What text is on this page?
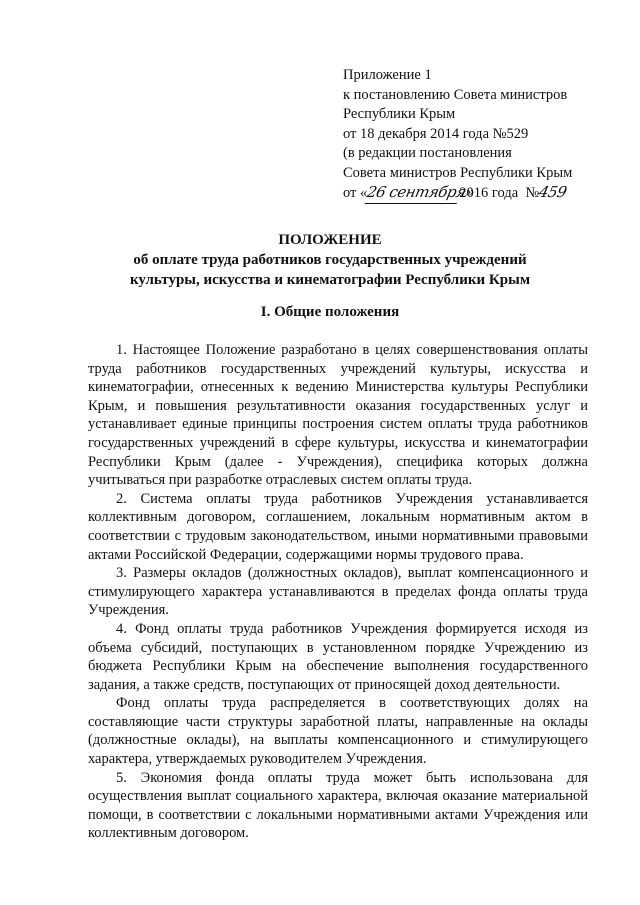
Приложение 1
к постановлению Совета министров
Республики Крым
от 18 декабря 2014 года №529
(в редакции постановления
Совета министров Республики Крым
от «26 сентября»2016 года №459
ПОЛОЖЕНИЕ
об оплате труда работников государственных учреждений
культуры, искусства и кинематографии Республики Крым
I. Общие положения

1. Настоящее Положение разработано в целях совершенствования оплаты труда работников государственных учреждений культуры, искусства и кинематографии, отнесенных к ведению Министерства культуры Республики Крым, и повышения результативности оказания государственных услуг и устанавливает единые принципы построения систем оплаты труда работников государственных учреждений в сфере культуры, искусства и кинематографии Республики Крым (далее - Учреждения), специфика которых должна учитываться при разработке отраслевых систем оплаты труда.

2. Система оплаты труда работников Учреждения устанавливается коллективным договором, соглашением, локальным нормативным актом в соответствии с трудовым законодательством, иными нормативными правовыми актами Российской Федерации, содержащими нормы трудового права.

3. Размеры окладов (должностных окладов), выплат компенсационного и стимулирующего характера устанавливаются в пределах фонда оплаты труда Учреждения.

4. Фонд оплаты труда работников Учреждения формируется исходя из объема субсидий, поступающих в установленном порядке Учреждению из бюджета Республики Крым на обеспечение выполнения государственного задания, а также средств, поступающих от приносящей доход деятельности.

Фонд оплаты труда распределяется в соответствующих долях на составляющие части структуры заработной платы, направленные на оклады (должностные оклады), на выплаты компенсационного и стимулирующего характера, утверждаемых руководителем Учреждения.

5. Экономия фонда оплаты труда может быть использована для осуществления выплат социального характера, включая оказание материальной помощи, в соответствии с локальными нормативными актами Учреждения или коллективным договором.
